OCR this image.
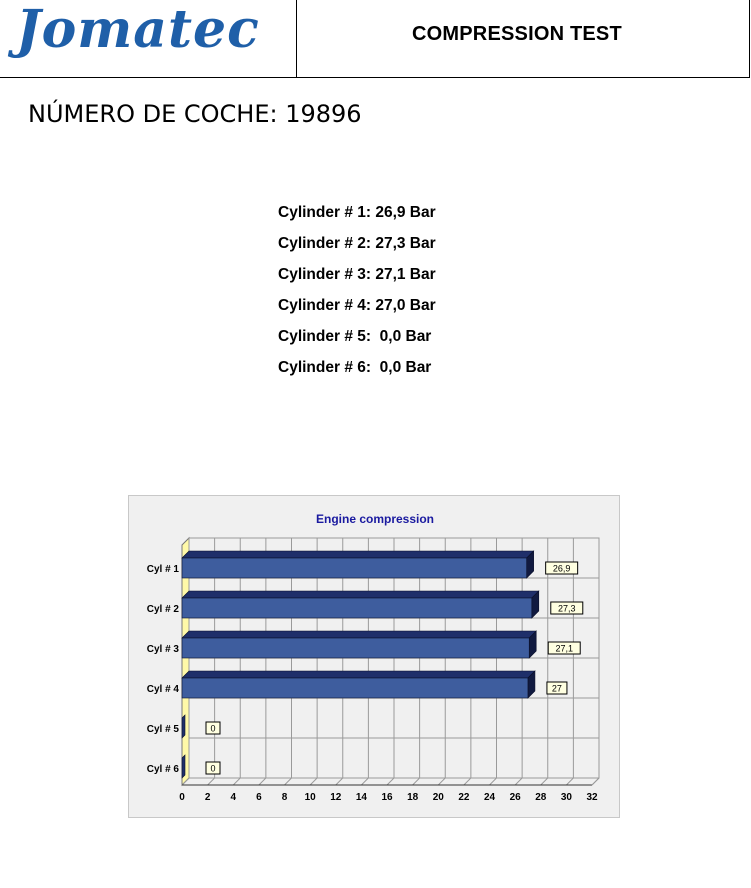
Jomatec	COMPRESSION TEST
NÚMERO DE COCHE: 19896
Cylinder # 1: 26,9 Bar
Cylinder # 2: 27,3 Bar
Cylinder # 3: 27,1 Bar
Cylinder # 4: 27,0 Bar
Cylinder # 5:  0,0 Bar
Cylinder # 6:  0,0 Bar
Engine compression
0 2 4 6 8 10 12 14 16 18 20 22 24 26 28 30 32
Cyl # 1	26,9
Cyl # 2	27,3
Cyl # 3	27,1
Cyl # 4	27
Cyl # 5	0
Cyl # 6	0
